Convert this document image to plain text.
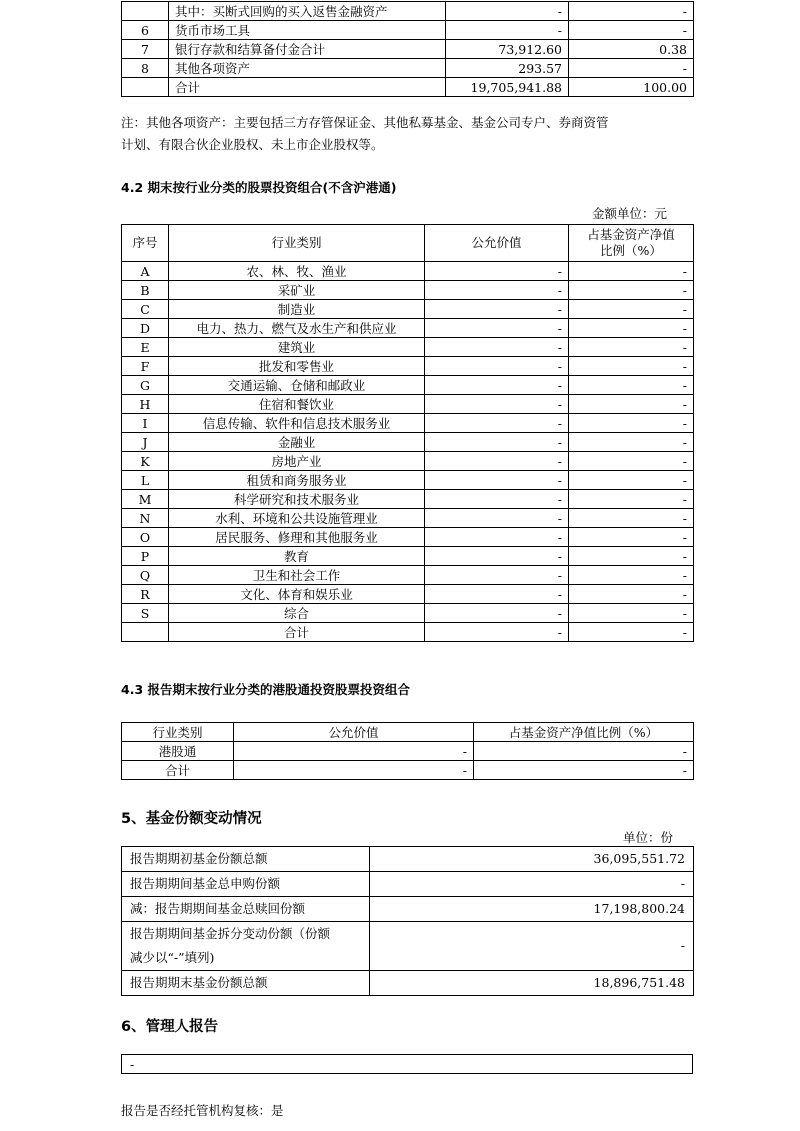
	其中：买断式回购的买入返售金融资产	-	-
6	货币市场工具	-	-
7	银行存款和结算备付金合计	73,912.60	0.38
8	其他各项资产	293.57	-
	合计	19,705,941.88	100.00
注：其他各项资产：主要包括三方存管保证金、其他私募基金、基金公司专户、券商资管
计划、有限合伙企业股权、未上市企业股权等。
4.2 期末按行业分类的股票投资组合(不含沪港通)
金额单位：元
序号	行业类别	公允价值	占基金资产净值
比例（%）

A	农、林、牧、渔业	-	-
B	采矿业	-	-
C	制造业	-	-
D	电力、热力、燃气及水生产和供应业	-	-
E	建筑业	-	-
F	批发和零售业	-	-
G	交通运输、仓储和邮政业	-	-
H	住宿和餐饮业	-	-
I	信息传输、软件和信息技术服务业	-	-
J	金融业	-	-
K	房地产业	-	-
L	租赁和商务服务业	-	-
M	科学研究和技术服务业	-	-
N	水利、环境和公共设施管理业	-	-
O	居民服务、修理和其他服务业	-	-
P	教育	-	-
Q	卫生和社会工作	-	-
R	文化、体育和娱乐业	-	-
S	综合	-	-
	合计	-	-
4.3 报告期末按行业分类的港股通投资股票投资组合
行业类别	公允价值	占基金资产净值比例（%）
港股通	-	-
合计	-	-
5、基金份额变动情况
单位：份
报告期期初基金份额总额	36,095,551.72
报告期期间基金总申购份额	-
减：报告期期间基金总赎回份额	17,198,800.24

报告期期间基金拆分变动份额（份额
减少以“-”填列)	-
报告期期末基金份额总额	18,896,751.48
6、管理人报告
-
报告是否经托管机构复核：是
